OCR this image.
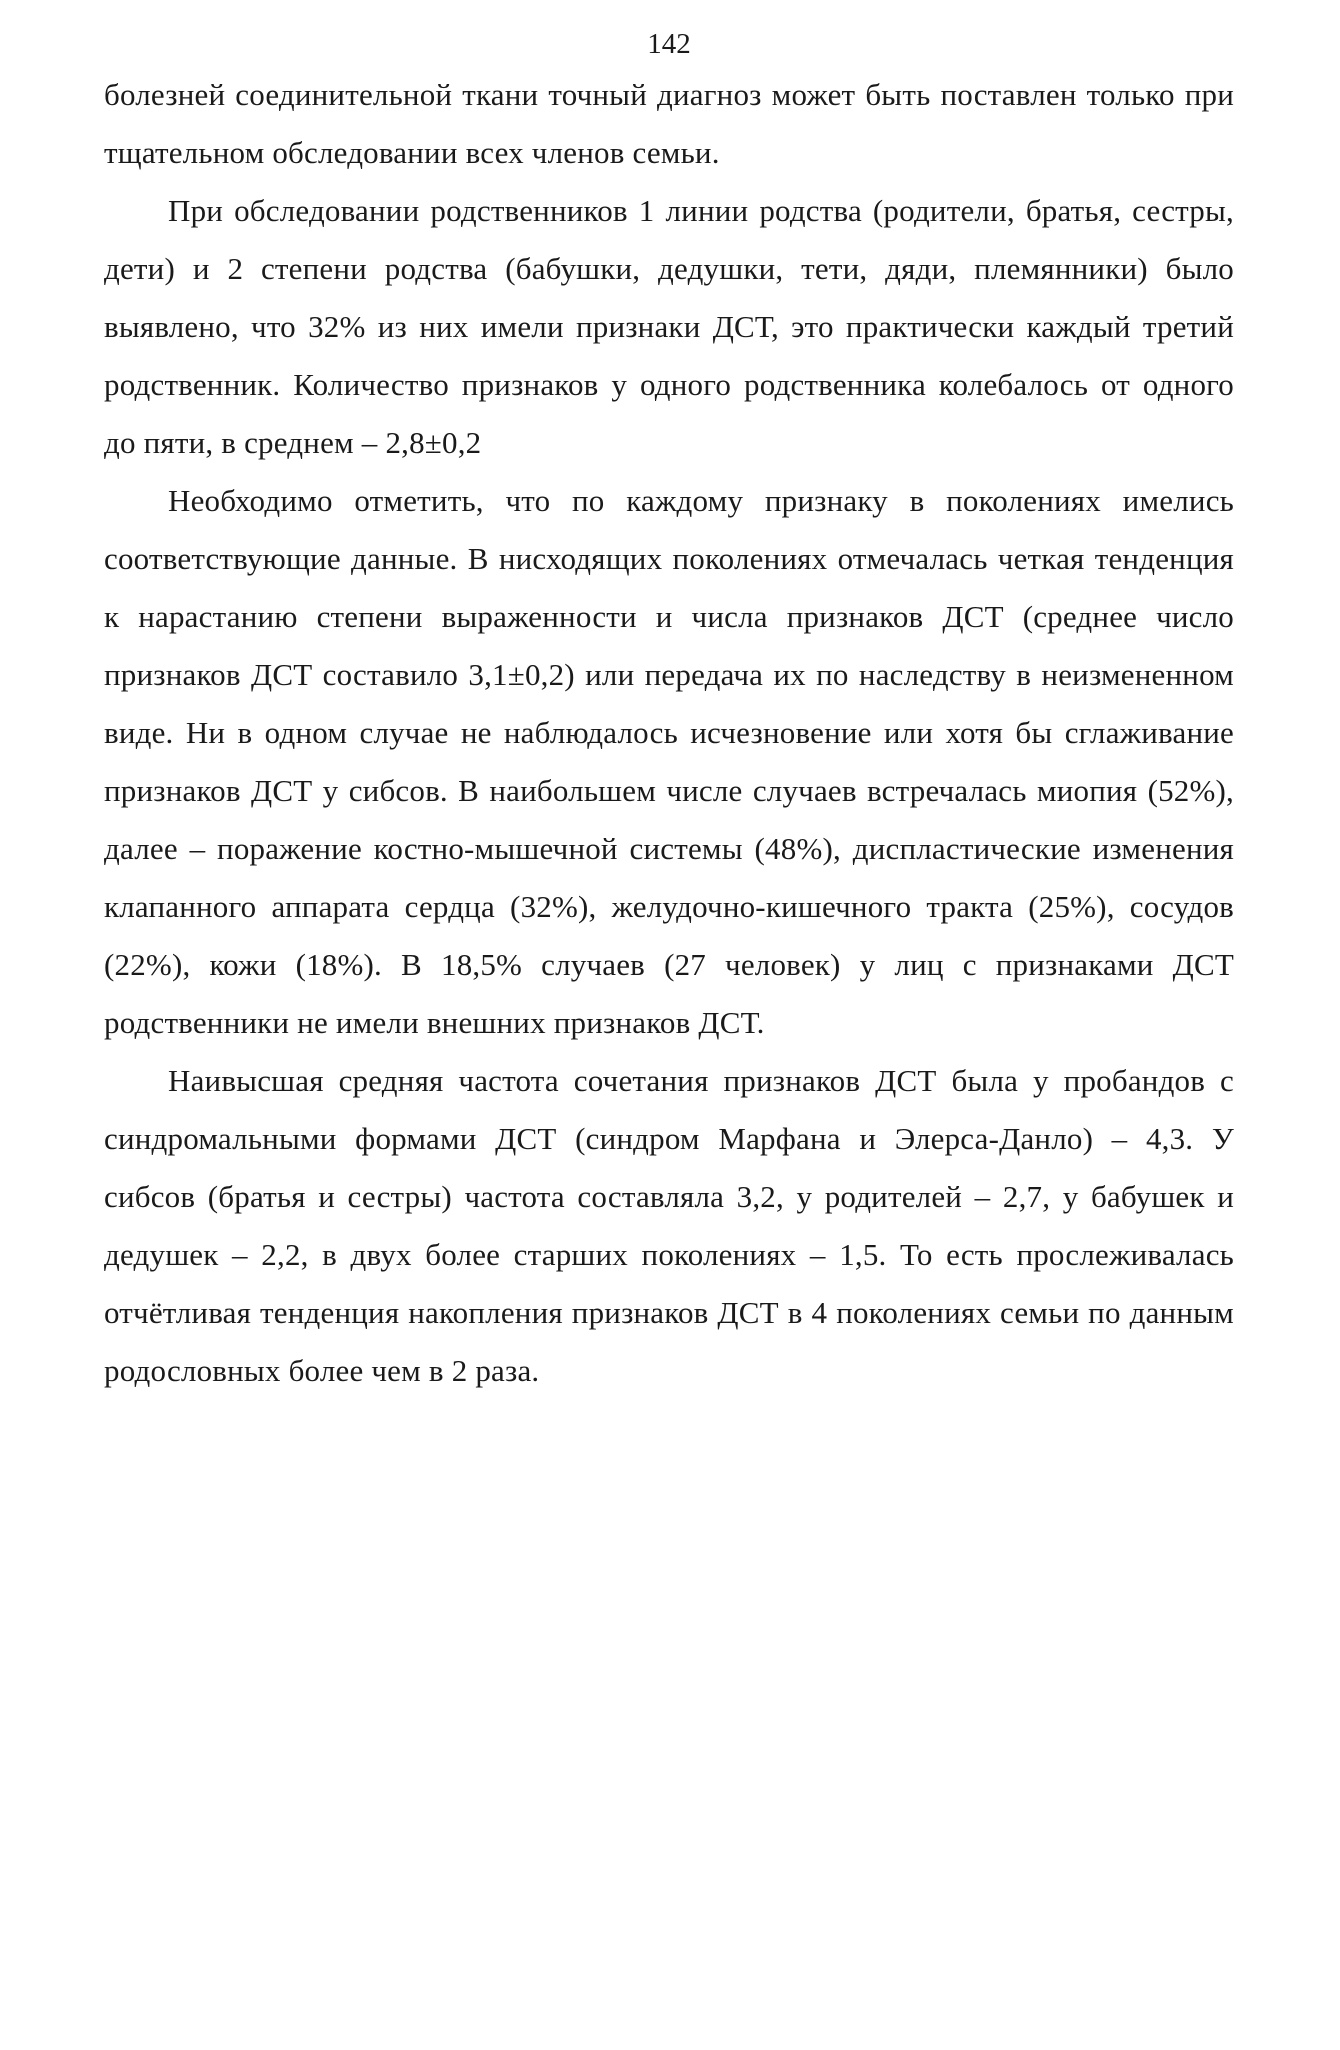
142

болезней соединительной ткани точный диагноз может быть поставлен только при тщательном обследовании всех членов семьи.

При обследовании родственников 1 линии родства (родители, братья, сестры, дети) и 2 степени родства (бабушки, дедушки, тети, дяди, племянники) было выявлено, что 32% из них имели признаки ДСТ, это практически каждый третий родственник. Количество признаков у одного родственника колебалось от одного до пяти, в среднем – 2,8±0,2

Необходимо отметить, что по каждому признаку в поколениях имелись соответствующие данные. В нисходящих поколениях отмечалась четкая тенденция к нарастанию степени выраженности и числа признаков ДСТ (среднее число признаков ДСТ составило 3,1±0,2) или передача их по наследству в неизмененном виде. Ни в одном случае не наблюдалось исчезновение или хотя бы сглаживание признаков ДСТ у сибсов. В наибольшем числе случаев встречалась миопия (52%), далее – поражение костно-мышечной системы (48%), диспластические изменения клапанного аппарата сердца (32%), желудочно-кишечного тракта (25%), сосудов (22%), кожи (18%). В 18,5% случаев (27 человек) у лиц с признаками ДСТ родственники не имели внешних признаков ДСТ.

Наивысшая средняя частота сочетания признаков ДСТ была у пробандов с синдромальными формами ДСТ (синдром Марфана и Элерса-Данло) – 4,3. У сибсов (братья и сестры) частота составляла 3,2, у родителей – 2,7, у бабушек и дедушек – 2,2, в двух более старших поколениях – 1,5. То есть прослеживалась отчётливая тенденция накопления признаков ДСТ в 4 поколениях семьи по данным родословных более чем в 2 раза.
